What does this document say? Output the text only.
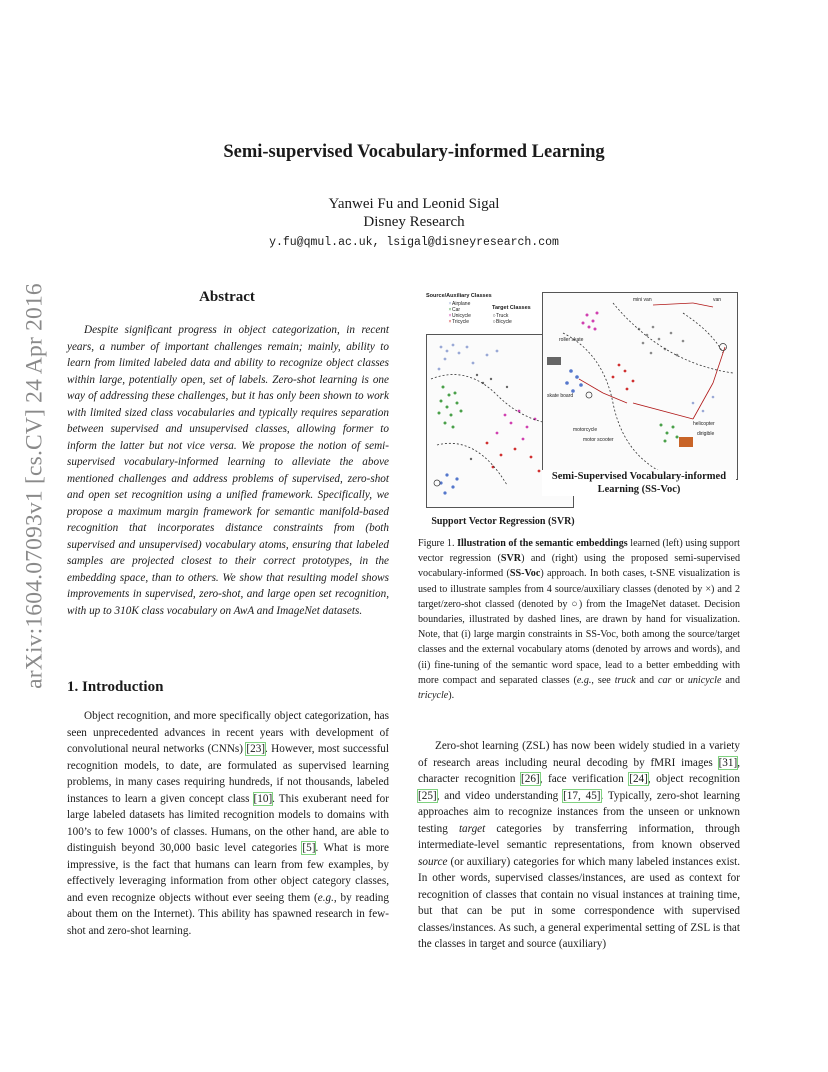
arXiv:1604.07093v1 [cs.CV] 24 Apr 2016
Semi-supervised Vocabulary-informed Learning
Yanwei Fu and Leonid Sigal
Disney Research
y.fu@qmul.ac.uk, lsigal@disneyresearch.com
Abstract

Despite significant progress in object categorization, in recent years, a number of important challenges remain; mainly, ability to learn from limited labeled data and ability to recognize object classes within large, potentially open, set of labels. Zero-shot learning is one way of addressing these challenges, but it has only been shown to work with limited sized class vocabularies and typically requires separation between supervised and unsupervised classes, allowing former to inform the latter but not vice versa. We propose the notion of semi-supervised vocabulary-informed learning to alleviate the above mentioned challenges and address problems of supervised, zero-shot and open set recognition using a unified framework. Specifically, we propose a maximum margin framework for semantic manifold-based recognition that incorporates distance constraints from (both supervised and unsupervised) vocabulary atoms, ensuring that labeled samples are projected closest to their correct prototypes, in the embedding space, than to others. We show that resulting model shows improvements in supervised, zero-shot, and large open set recognition, with up to 310K class vocabulary on AwA and ImageNet datasets.

1. Introduction

Object recognition, and more specifically object categorization, has seen unprecedented advances in recent years with development of convolutional neural networks (CNNs) [23]. However, most successful recognition models, to date, are formulated as supervised learning problems, in many cases requiring hundreds, if not thousands, labeled instances to learn a given concept class [10]. This exuberant need for large labeled datasets has limited recognition models to domains with 100’s to few 1000’s of classes. Humans, on the other hand, are able to distinguish beyond 30,000 basic level categories [5]. What is more impressive, is the fact that humans can learn from few examples, by effectively leveraging information from other object category classes, and even recognize objects without ever seeing them (e.g., by reading about them on the Internet). This ability has spawned research in few-shot and zero-shot learning.

Source/Auxiliary Classes
×Airplane
×Car
×Unicycle
×Tricycle
Target Classes
○Truck
○Bicycle
mini van	van
roller skate
skate board
motorcycle
motor scooter
helicopter
dirigible
Semi-Supervised Vocabulary-informed Learning (SS-Voc)
Support Vector Regression (SVR)

Figure 1. Illustration of the semantic embeddings learned (left) using support vector regression (SVR) and (right) using the proposed semi-supervised vocabulary-informed (SS-Voc) approach. In both cases, t-SNE visualization is used to illustrate samples from 4 source/auxiliary classes (denoted by ×) and 2 target/zero-shot classed (denoted by ○) from the ImageNet dataset. Decision boundaries, illustrated by dashed lines, are drawn by hand for visualization. Note, that (i) large margin constraints in SS-Voc, both among the source/target classes and the external vocabulary atoms (denoted by arrows and words), and (ii) fine-tuning of the semantic word space, lead to a better embedding with more compact and separated classes (e.g., see truck and car or unicycle and tricycle).

Zero-shot learning (ZSL) has now been widely studied in a variety of research areas including neural decoding by fMRI images [31], character recognition [26], face verification [24], object recognition [25], and video understanding [17, 45]. Typically, zero-shot learning approaches aim to recognize instances from the unseen or unknown testing target categories by transferring information, through intermediate-level semantic representations, from known observed source (or auxiliary) categories for which many labeled instances exist. In other words, supervised classes/instances, are used as context for recognition of classes that contain no visual instances at training time, but that can be put in some correspondence with supervised classes/instances. As such, a general experimental setting of ZSL is that the classes in target and source (auxiliary)
